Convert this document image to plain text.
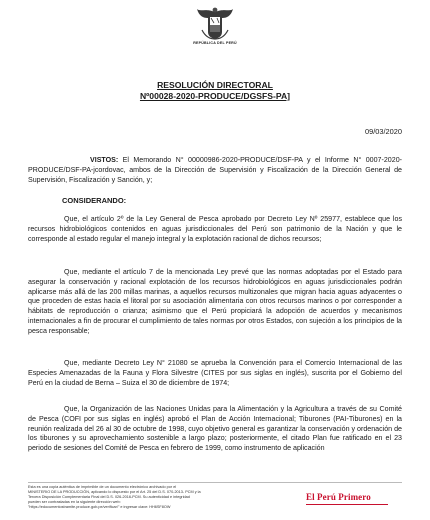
REPÚBLICA DEL PERÚ
RESOLUCIÓN DIRECTORAL
Nº00028-2020-PRODUCE/DGSFS-PA]
09/03/2020

VISTOS: El Memorando N° 00000986-2020-PRODUCE/DSF-PA y el Informe N° 0007-2020-PRODUCE/DSF-PA-jcordovac, ambos de la Dirección de Supervisión y Fiscalización de la Dirección General de Supervisión, Fiscalización y Sanción, y;

CONSIDERANDO:

Que, el artículo 2º de la Ley General de Pesca aprobado por Decreto Ley Nº 25977, establece que los recursos hidrobiológicos contenidos en aguas jurisdiccionales del Perú son patrimonio de la Nación y que le corresponde al estado regular el manejo integral y la explotación racional de dichos recursos;

Que, mediante el artículo 7 de la mencionada Ley prevé que las normas adoptadas por el Estado para asegurar la conservación y racional explotación de los recursos hidrobiológicos en aguas jurisdiccionales podrán aplicarse más allá de las 200 millas marinas, a aquellos recursos multizonales que migran hacia aguas adyacentes o que proceden de estas hacia el litoral por su asociación alimentaria con otros recursos marinos o por corresponder a hábitats de reproducción o crianza; asimismo que el Perú propiciará la adopción de acuerdos y mecanismos internacionales a fin de procurar el cumplimiento de tales normas por otros Estados, con sujeción a los principios de la pesca responsable;

Que, mediante Decreto Ley N° 21080 se aprueba la Convención para el Comercio Internacional de las Especies Amenazadas de la Fauna y Flora Silvestre (CITES por sus siglas en inglés), suscrita por el Gobierno del Perú en la ciudad de Berna – Suiza el 30 de diciembre de 1974;

Que, la Organización de las Naciones Unidas para la Alimentación y la Agricultura a través de su Comité de Pesca (COFI por sus siglas en inglés) aprobó el Plan de Acción Internacional; Tiburones (PAI-Tiburones) en la reunión realizada del 26 al 30 de octubre de 1998, cuyo objetivo general es garantizar la conservación y ordenación de los tiburones y su aprovechamiento sostenible a largo plazo; posteriormente, el citado Plan fue ratificado en el 23 periodo de sesiones del Comité de Pesca en febrero de 1999, como instrumento de aplicación

Esta es una copia auténtica de imprimible de un documento electrónico archivado por el
MINISTERIO DE LA PRODUCCIÓN, aplicando lo dispuesto por el Art. 25 del D.S. 070-2013- PCM y la
Tercera Disposición Complementaria Final del D.S. 026-2016-PCM. Su autenticidad e integridad
pueden ser contrastadas en la siguiente dirección web:
"https://edocumentostramite.produce.gob.pe/verificar/" e ingresar clave: HH6SF8OW
El Perú Primero
